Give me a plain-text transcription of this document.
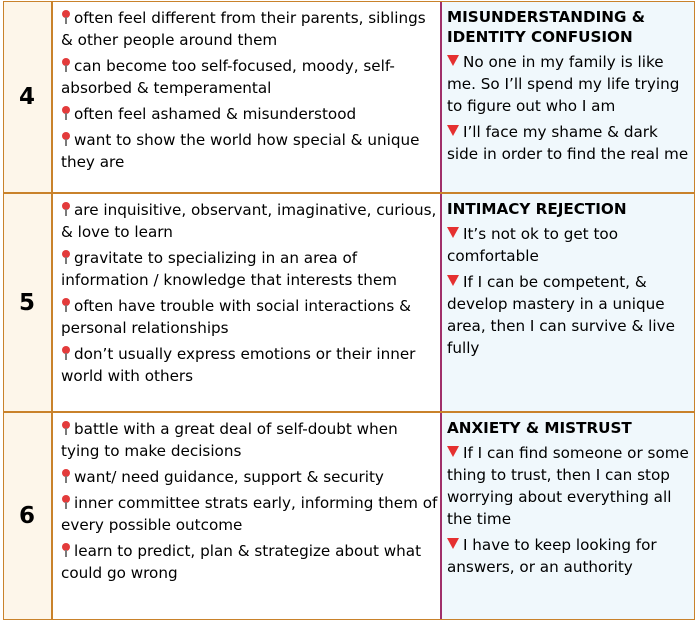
4
often feel different from their parents, siblings & other people around them
can become too self-focused, moody, self-absorbed & temperamental
often feel ashamed & misunderstood
want to show the world how special & unique they are
MISUNDERSTANDING & IDENTITY CONFUSION
No one in my family is like me. So I’ll spend my life trying to figure out who I am
I’ll face my shame & dark side in order to find the real me
5
are inquisitive, observant, imaginative, curious, & love to learn
gravitate to specializing in an area of information / knowledge that interests them
often have trouble with social interactions & personal relationships
don’t usually express emotions or their inner world with others
INTIMACY REJECTION
It’s not ok to get too comfortable
If I can be competent, & develop mastery in a unique area, then I can survive & live fully
6
battle with a great deal of self-doubt when tying to make decisions
want/ need guidance, support & security
inner committee strats early, informing them of every possible outcome
learn to predict, plan & strategize about what could go wrong
ANXIETY & MISTRUST
If I can find someone or some thing to trust, then I can stop worrying about everything all the time
I have to keep looking for answers, or an authority
